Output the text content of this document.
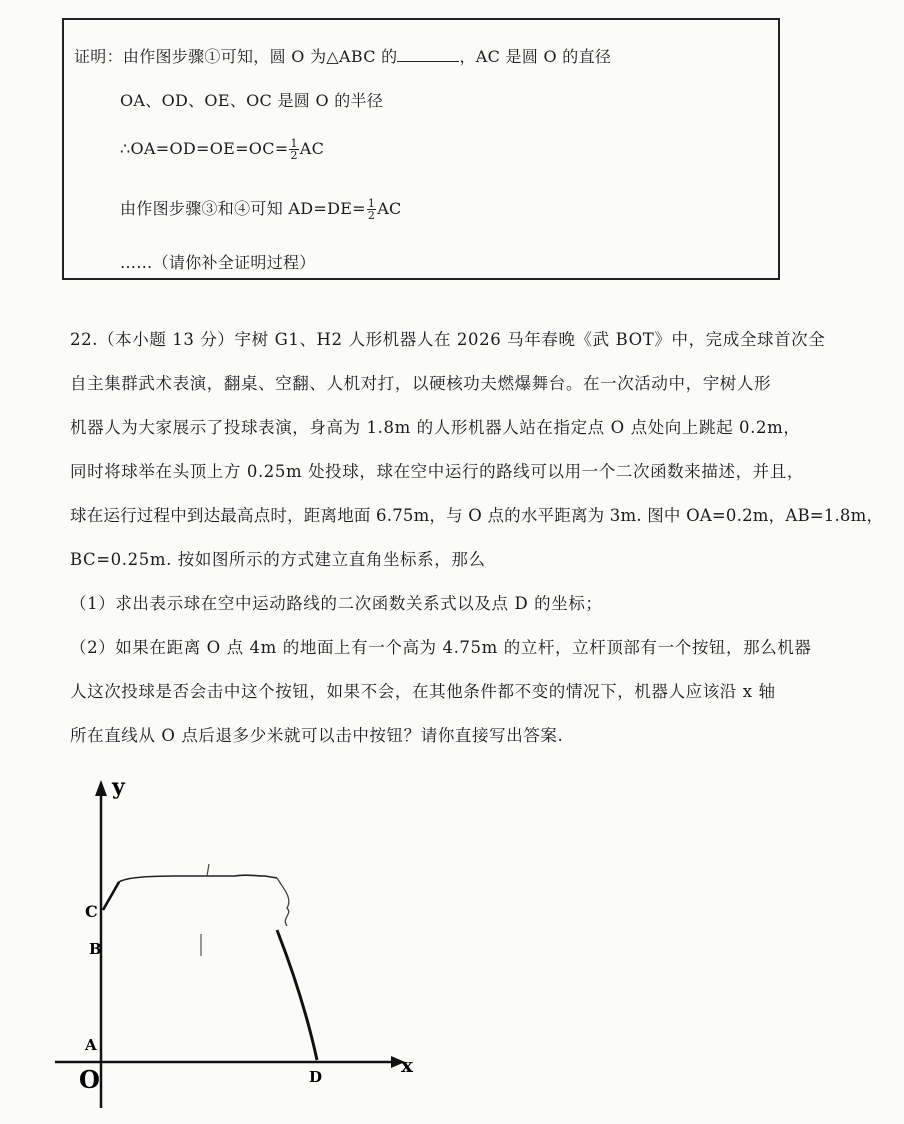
证明：由作图步骤①可知，圆 O 为△ABC 的	，AC 是圆 O 的直径
OA、OD、OE、OC 是圆 O 的半径
∴OA=OD=OE=OC= $\frac{1}{2}$ AC
由作图步骤③和④可知 $AD=DE= \frac{1}{2}$ AC
……（请你补全证明过程）
22.（本小题 13 分）宇树 G1、H2 人形机器人在 2026 马年春晚《武 BOT》中，完成全球首次全
自主集群武术表演，翻桌、空翻、人机对打，以硬核功夫燃爆舞台。在一次活动中，宇树人形
机器人为大家展示了投球表演，身高为 1.8m 的人形机器人站在指定点 O 点处向上跳起 0.2m，
同时将球举在头顶上方 0.25m 处投球，球在空中运行的路线可以用一个二次函数来描述，并且，
球在运行过程中到达最高点时，距离地面 6.75m，与 O 点的水平距离为 3m. 图中 OA=0.2m，AB=1.8m，
BC=0.25m. 按如图所示的方式建立直角坐标系，那么
（1）求出表示球在空中运动路线的二次函数关系式以及点 D 的坐标；
（2）如果在距离 O 点 4m 的地面上有一个高为 4.75m 的立杆，立杆顶部有一个按钮，那么机器
人这次投球是否会击中这个按钮，如果不会，在其他条件都不变的情况下，机器人应该沿 x 轴
所在直线从 O 点后退多少米就可以击中按钮？请你直接写出答案.
y
x
O
A
B
C
D
